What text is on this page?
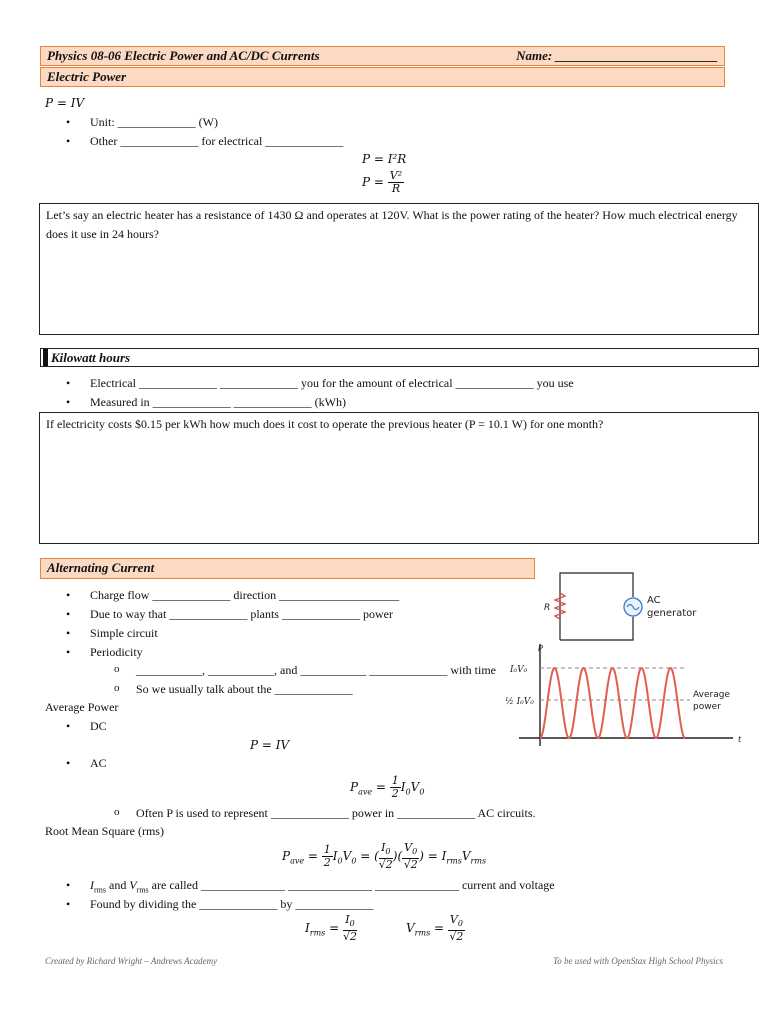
Physics 08-06 Electric Power and AC/DC Currents	Name: _________________________
Electric Power
P = IV
• Unit: _____________ (W)
• Other _____________ for electrical _____________
P = I²R
$P = \frac{\text{V²}}{R}$
Let’s say an electric heater has a resistance of 1430 Ω and operates at 120V. What is the power rating of the heater? How much electrical energy does it use in 24 hours?
Kilowatt hours
• Electrical _____________ _____________ you for the amount of electrical _____________ you use
• Measured in _____________ _____________ (kWh)
If electricity costs $0.15 per kWh how much does it cost to operate the previous heater (P = 10.1 W) for one month?
Alternating Current
• Charge flow _____________ direction ____________________
• Due to way that _____________ plants _____________ power
• Simple circuit
• Periodicity
o ___________, ___________, and ___________ _____________ with time
o So we usually talk about the _____________
Average Power
• DC
P = IV
• AC
$P_{ave} = \frac{1}{2} I_0V_0$
o Often P is used to represent _____________ power in _____________ AC circuits.
Root Mean Square (rms)
$P_{ave} = \frac{1}{2} I_0V_0$ = ( $\frac{I_0}{√2}$ )( $\frac{V_0}{√2}$ ) = $I_{rms}V_{rms}$
• $I_{rms}$ and $V_{rms}$ are called ______________ ______________ ______________ current and voltage
• Found by dividing the _____________ by _____________
$I_{rms} = \frac{I_0}{√2}$	$V_{rms} = \frac{V_0}{√2}$
R
AC
generator
P
t
I₀V₀
½ I₀V₀
Average
power
Created by Richard Wright – Andrews Academy	To be used with OpenStax High School Physics
